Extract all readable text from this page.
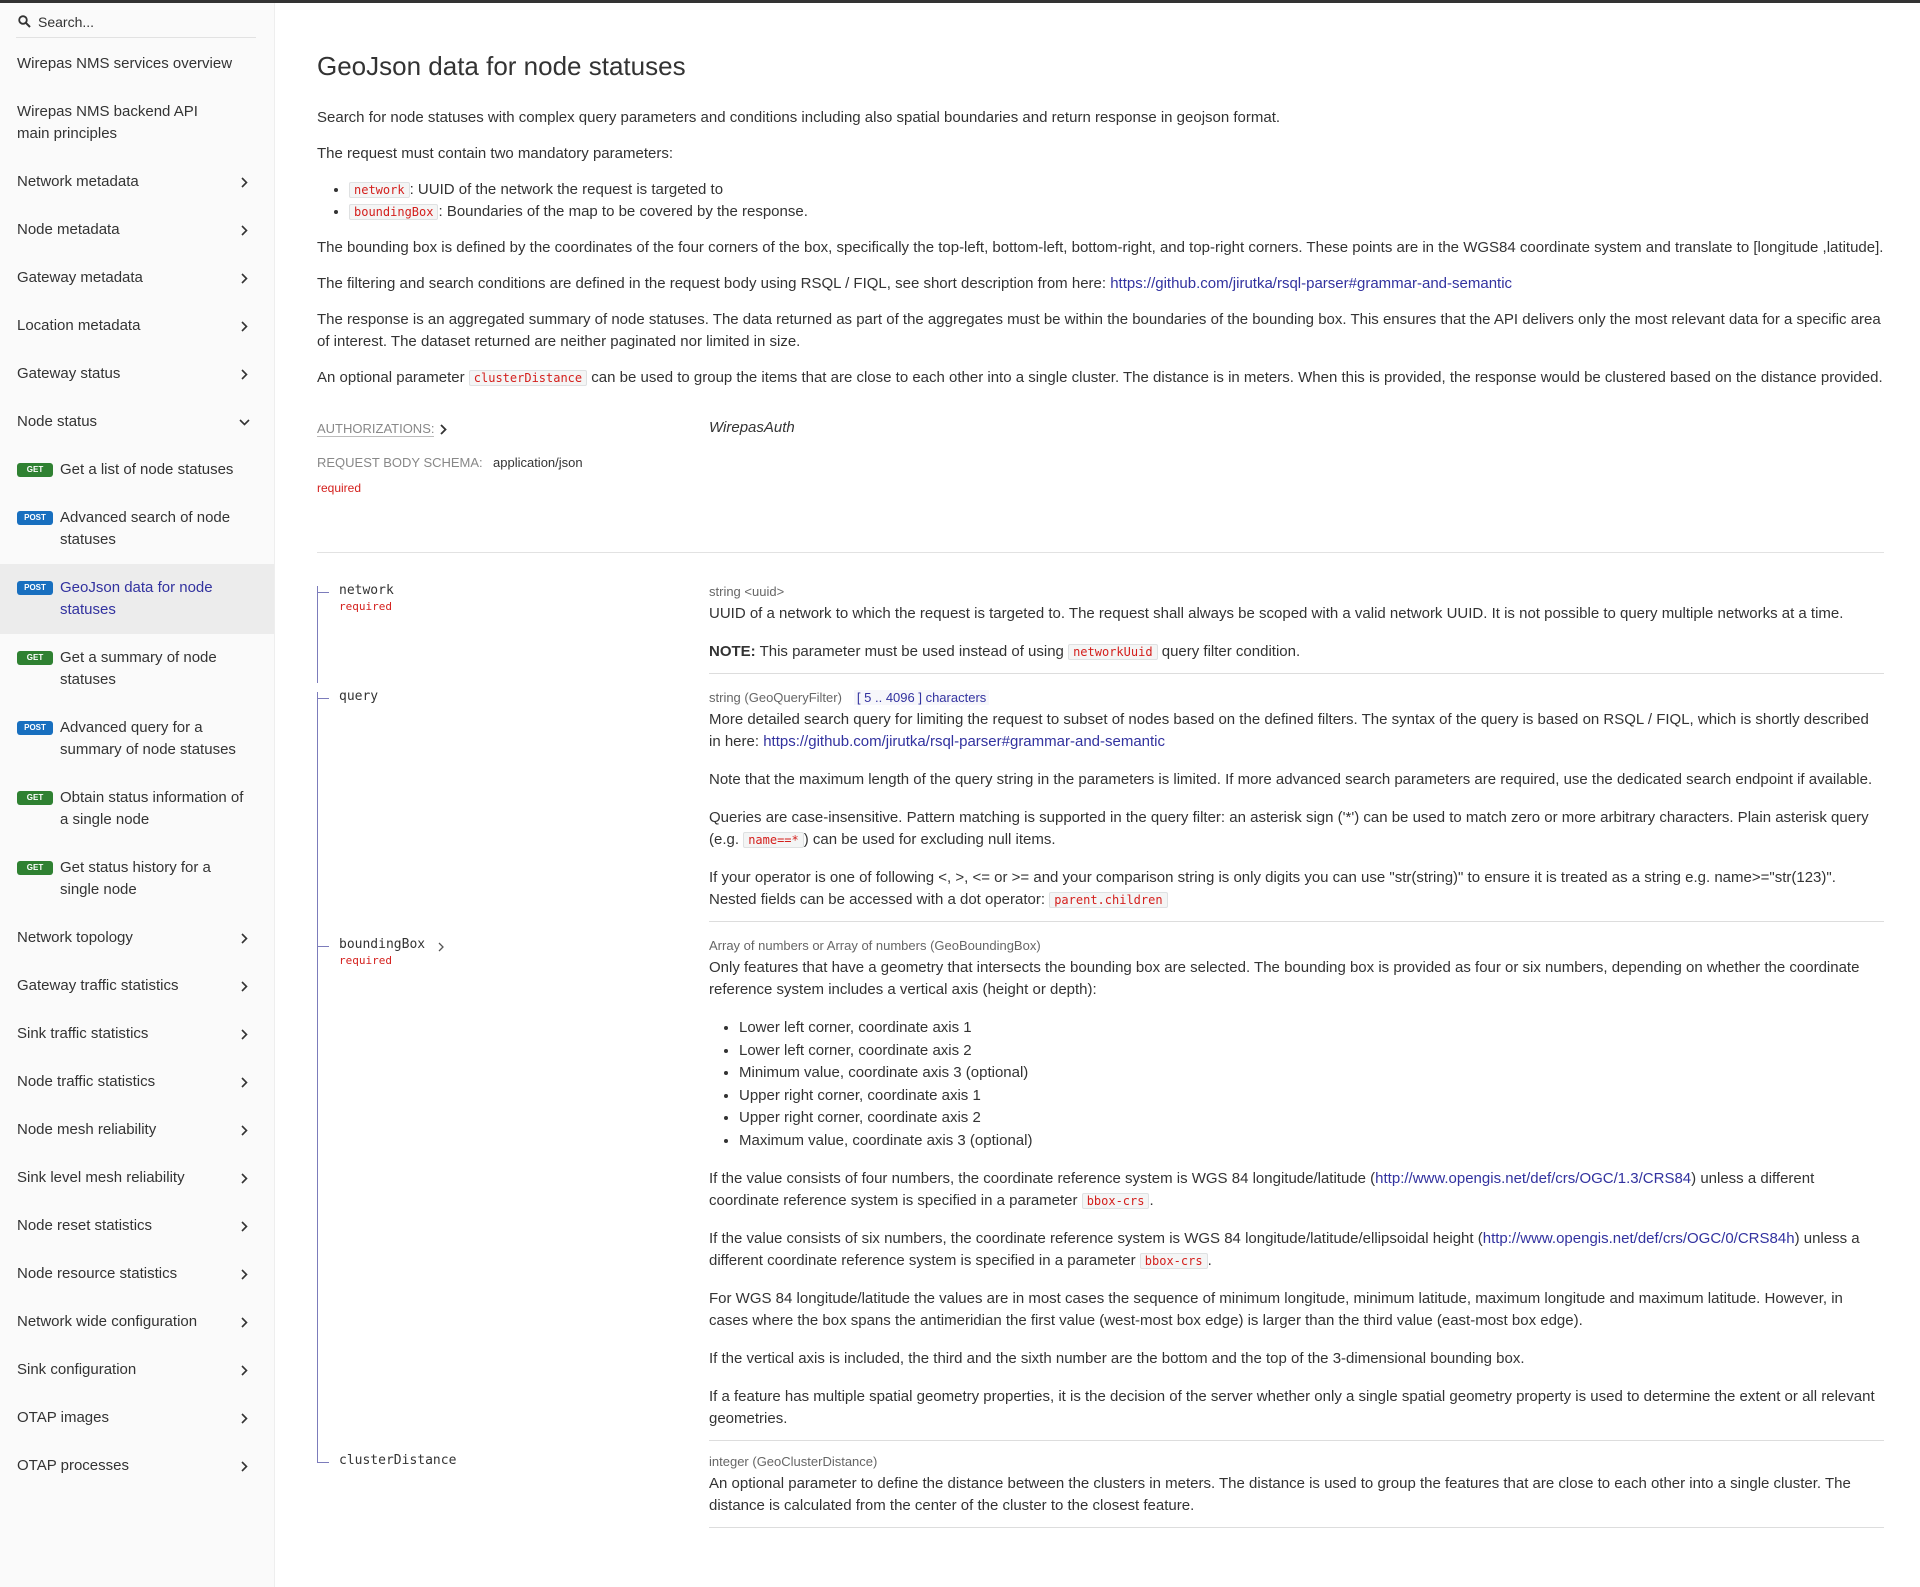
Search...
Wirepas NMS services overview
Wirepas NMS backend API main principles
Network metadata
Node metadata
Gateway metadata
Location metadata
Gateway status
Node status
GET	Get a list of node statuses
POST Advanced search of node statuses
POST GeoJson data for node statuses
GET	Get a summary of node statuses
POST Advanced query for a summary of node statuses
GET	Obtain status information of a single node
GET	Get status history for a single node
Network topology
Gateway traffic statistics
Sink traffic statistics
Node traffic statistics
Node mesh reliability
Sink level mesh reliability
Node reset statistics
Node resource statistics
Network wide configuration
Sink configuration
OTAP images
OTAP processes
GeoJson data for node statuses

Search for node statuses with complex query parameters and conditions including also spatial boundaries and return response in geojson format.

The request must contain two mandatory parameters:

• network : UUID of the network the request is targeted to
• boundingBox : Boundaries of the map to be covered by the response.

The bounding box is defined by the coordinates of the four corners of the box, specifically the top-left, bottom-left, bottom-right, and top-right corners. These points are in the WGS84 coordinate system and translate to [longitude ,latitude].

The filtering and search conditions are defined in the request body using RSQL / FIQL, see short description from here: https://github.com/jirutka/rsql-parser#grammar-and-semantic

The response is an aggregated summary of node statuses. The data returned as part of the aggregates must be within the boundaries of the bounding box. This ensures that the API delivers only the most relevant data for a specific area of interest. The dataset returned are neither paginated nor limited in size.

An optional parameter clusterDistance can be used to group the items that are close to each other into a single cluster. The distance is in meters. When this is provided, the response would be clustered based on the distance provided.

AUTHORIZATIONS:	WirepasAuth
REQUEST BODY SCHEMA: application/json
required
network
required
string <uuid>

UUID of a network to which the request is targeted to. The request shall always be scoped with a valid network UUID. It is not possible to query multiple networks at a time.

NOTE: This parameter must be used instead of using networkUuid query filter condition.

query	string (GeoQueryFilter) [ 5 .. 4096 ] characters

More detailed search query for limiting the request to subset of nodes based on the defined filters. The syntax of the query is based on RSQL / FIQL, which is shortly described in here: https://github.com/jirutka/rsql-parser#grammar-and-semantic

Note that the maximum length of the query string in the parameters is limited. If more advanced search parameters are required, use the dedicated search endpoint if available.

Queries are case-insensitive. Pattern matching is supported in the query filter: an asterisk sign ('*') can be used to match zero or more arbitrary characters. Plain asterisk query (e.g. name==* ) can be used for excluding null items.

If your operator is one of following <, >, <= or >= and your comparison string is only digits you can use "str(string)" to ensure it is treated as a string e.g. name>="str(123)". Nested fields can be accessed with a dot operator: parent.children

boundingBox
required
Array of numbers or Array of numbers (GeoBoundingBox)

Only features that have a geometry that intersects the bounding box are selected. The bounding box is provided as four or six numbers, depending on whether the coordinate reference system includes a vertical axis (height or depth):

• Lower left corner, coordinate axis 1
• Lower left corner, coordinate axis 2
• Minimum value, coordinate axis 3 (optional)
• Upper right corner, coordinate axis 1
• Upper right corner, coordinate axis 2
• Maximum value, coordinate axis 3 (optional)

If the value consists of four numbers, the coordinate reference system is WGS 84 longitude/latitude (http://www.opengis.net/def/crs/OGC/1.3/CRS84) unless a different coordinate reference system is specified in a parameter bbox-crs .

If the value consists of six numbers, the coordinate reference system is WGS 84 longitude/latitude/ellipsoidal height (http://www.opengis.net/def/crs/OGC/0/CRS84h) unless a different coordinate reference system is specified in a parameter bbox-crs .

For WGS 84 longitude/latitude the values are in most cases the sequence of minimum longitude, minimum latitude, maximum longitude and maximum latitude. However, in cases where the box spans the antimeridian the first value (west-most box edge) is larger than the third value (east-most box edge).

If the vertical axis is included, the third and the sixth number are the bottom and the top of the 3-dimensional bounding box.

If a feature has multiple spatial geometry properties, it is the decision of the server whether only a single spatial geometry property is used to determine the extent or all relevant geometries.

clusterDistance	integer (GeoClusterDistance)

An optional parameter to define the distance between the clusters in meters. The distance is used to group the features that are close to each other into a single cluster. The distance is calculated from the center of the cluster to the closest feature.
